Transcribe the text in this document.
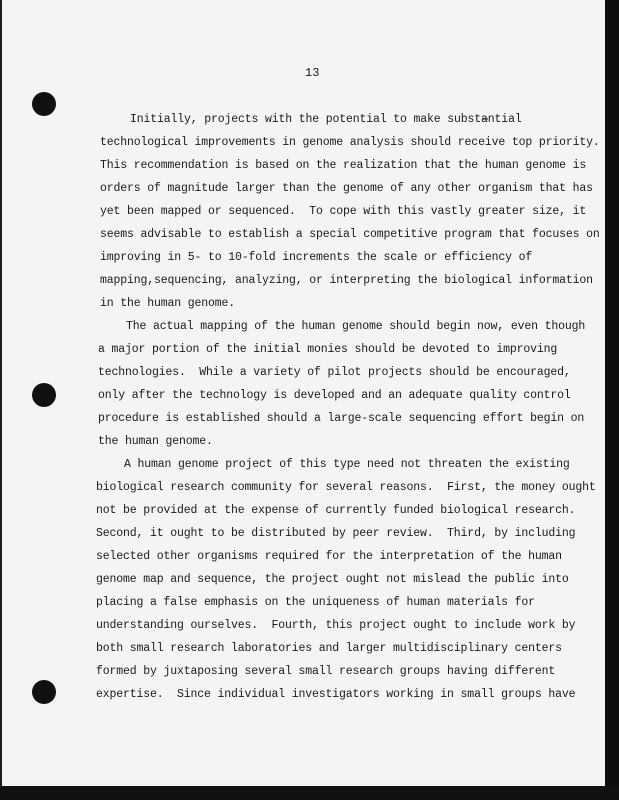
13
Initially, projects with the potential to make substantial
technological improvements in genome analysis should receive top priority.
This recommendation is based on the realization that the human genome is
orders of magnitude larger than the genome of any other organism that has
yet been mapped or sequenced.  To cope with this vastly greater size, it
seems advisable to establish a special competitive program that focuses on
improving in 5- to 10-fold increments the scale or efficiency of
mapping,sequencing, analyzing, or interpreting the biological information
in the human genome.
The actual mapping of the human genome should begin now, even though
a major portion of the initial monies should be devoted to improving
technologies.  While a variety of pilot projects should be encouraged,
only after the technology is developed and an adequate quality control
procedure is established should a large-scale sequencing effort begin on
the human genome.
A human genome project of this type need not threaten the existing
biological research community for several reasons.  First, the money ought
not be provided at the expense of currently funded biological research.
Second, it ought to be distributed by peer review.  Third, by including
selected other organisms required for the interpretation of the human
genome map and sequence, the project ought not mislead the public into
placing a false emphasis on the uniqueness of human materials for
understanding ourselves.  Fourth, this project ought to include work by
both small research laboratories and larger multidisciplinary centers
formed by juxtaposing several small research groups having different
expertise.  Since individual investigators working in small groups have
